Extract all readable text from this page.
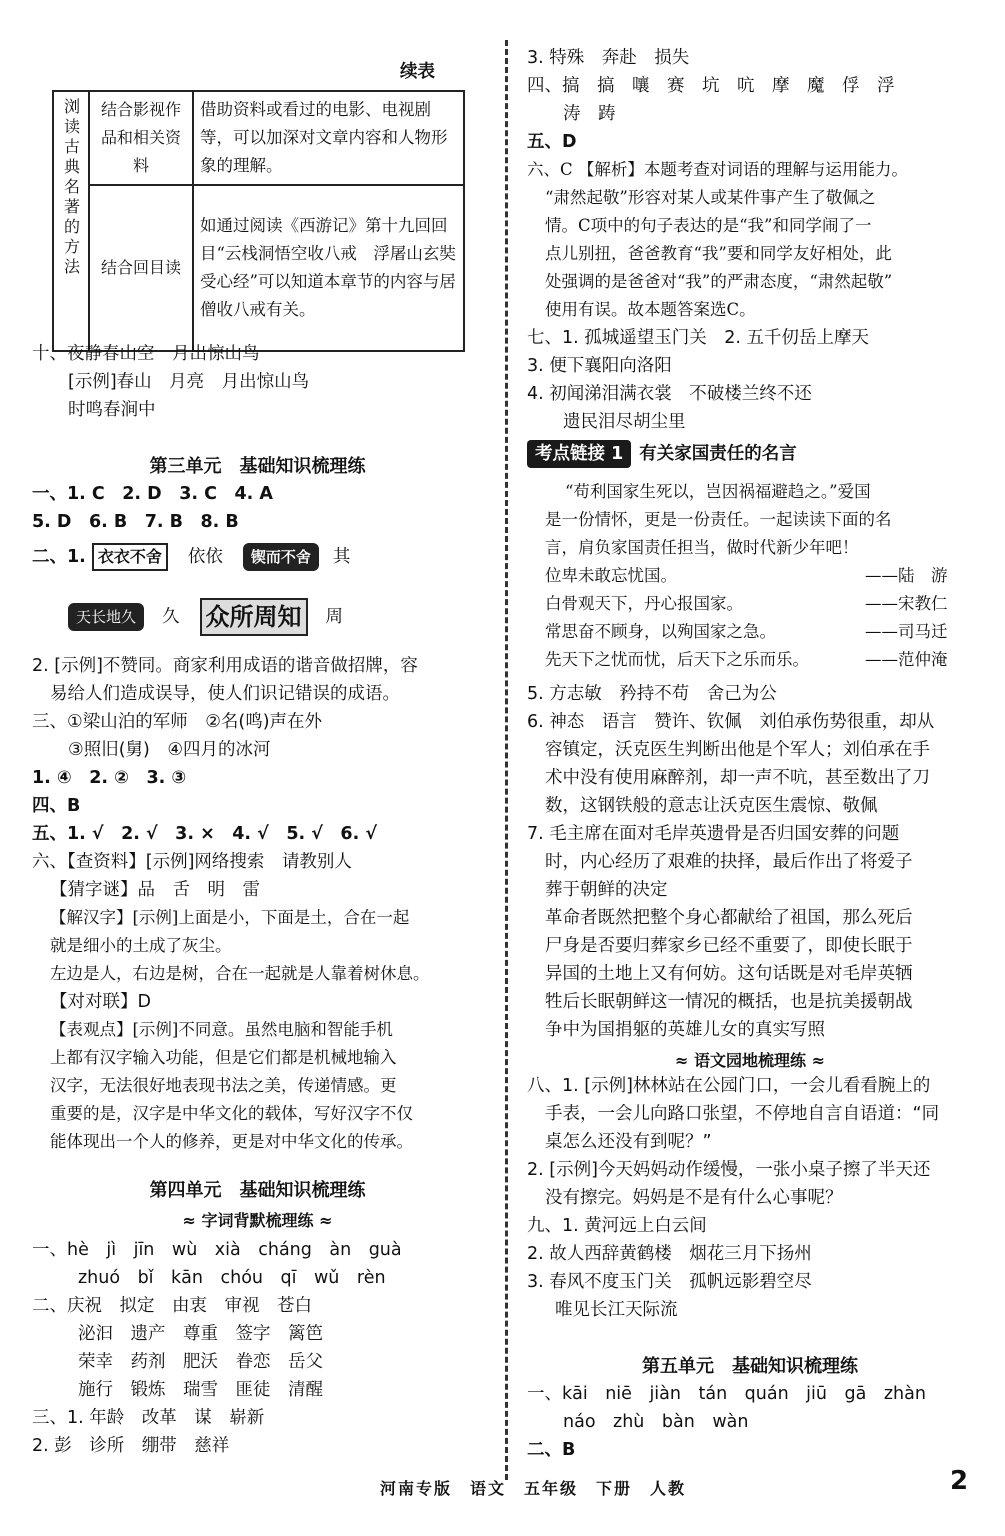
续表
浏读古典名著的方法	结合影视作品和相关资料	借助资料或看过的电影、电视剧等，可以加深对文章内容和人物形象的理解。
	结合回目读	如通过阅读《西游记》第十九回回目“云栈洞悟空收八戒　浮屠山玄奘受心经”可以知道本章节的内容与居僧收八戒有关。
十、夜静春山空　月出惊山鸟
[示例]春山　月亮　月出惊山鸟
时鸣春涧中
第三单元　基础知识梳理练
一、1. C　2. D　3. C　4. A
5. D　6. B　7. B　8. B
二、1. 衣衣不舍 依依 锲而不舍 其
天长地久 久 众所周知 周
2. [示例]不赞同。商家利用成语的谐音做招牌，容
易给人们造成误导，使人们识记错误的成语。
三、①梁山泊的军师　②名(鸣)声在外
③照旧(舅)　④四月的冰河
1. ④　2. ②　3. ③
四、B
五、1. √　2. √　3. ×　4. √　5. √　6. √
六、【查资料】[示例]网络搜索　请教别人
【猜字谜】品　舌　明　雷
【解汉字】[示例]上面是小，下面是土，合在一起
就是细小的土成了灰尘。
左边是人，右边是树，合在一起就是人靠着树休息。
【对对联】D
【表观点】[示例]不同意。虽然电脑和智能手机
上都有汉字输入功能，但是它们都是机械地输入
汉字，无法很好地表现书法之美，传递情感。更
重要的是，汉字是中华文化的载体，写好汉字不仅
能体现出一个人的修养，更是对中华文化的传承。
第四单元　基础知识梳理练
≈ 字词背默梳理练 ≈
一、hè　jì　jīn　wù　xià　cháng　àn　guà
zhuó　bǐ　kān　chóu　qī　wǔ　rèn
二、庆祝　拟定　由衷　审视　苍白
泌汩　遗产　尊重　签字　篱笆
荣幸　药剂　肥沃　眷恋　岳父
施行　锻炼　瑞雪　匪徒　清醒
三、1. 年龄　改革　谋　崭新
2. 彭　诊所　绷带　慈祥
3. 特殊　奔赴　损失
四、搞　搞　嚷　赛　坑　吭　摩　魔　俘　浮
涛　踌
五、D
六、C 【解析】本题考查对词语的理解与运用能力。
“肃然起敬”形容对某人或某件事产生了敬佩之
情。C项中的句子表达的是“我”和同学闹了一
点儿别扭，爸爸教育“我”要和同学友好相处，此
处强调的是爸爸对“我”的严肃态度，“肃然起敬”
使用有误。故本题答案选C。
七、1. 孤城遥望玉门关　2. 五千仞岳上摩天
3. 便下襄阳向洛阳
4. 初闻涕泪满衣裳　不破楼兰终不还
遗民泪尽胡尘里
考点链接 1 有关家国责任的名言
“苟利国家生死以，岂因祸福避趋之。”爱国
是一份情怀，更是一份责任。一起读读下面的名
言，肩负家国责任担当，做时代新少年吧！
位卑未敢忘忧国。	——陆　游
白骨观天下，丹心报国家。	——宋教仁
常思奋不顾身，以殉国家之急。	——司马迁
先天下之忧而忧，后天下之乐而乐。	——范仲淹
5. 方志敏　矜持不苟　舍己为公
6. 神态　语言　赞许、钦佩　刘伯承伤势很重，却从
容镇定，沃克医生判断出他是个军人；刘伯承在手
术中没有使用麻醉剂，却一声不吭，甚至数出了刀
数，这钢铁般的意志让沃克医生震惊、敬佩
7. 毛主席在面对毛岸英遗骨是否归国安葬的问题
时，内心经历了艰难的抉择，最后作出了将爱子
葬于朝鲜的决定
革命者既然把整个身心都献给了祖国，那么死后
尸身是否要归葬家乡已经不重要了，即使长眠于
异国的土地上又有何妨。这句话既是对毛岸英牺
牲后长眠朝鲜这一情况的概括，也是抗美援朝战
争中为国捐躯的英雄儿女的真实写照
≈ 语文园地梳理练 ≈
八、1. [示例]林林站在公园门口，一会儿看看腕上的
手表，一会儿向路口张望，不停地自言自语道：“同
桌怎么还没有到呢？”
2. [示例]今天妈妈动作缓慢，一张小桌子擦了半天还
没有擦完。妈妈是不是有什么心事呢？
九、1. 黄河远上白云间
2. 故人西辞黄鹤楼　烟花三月下扬州
3. 春风不度玉门关　孤帆远影碧空尽
唯见长江天际流
第五单元　基础知识梳理练
一、kāi　niē　jiàn　tán　quán　jiū　gā　zhàn
náo　zhù　bàn　wàn
二、B
河南专版　语文　五年级　下册　人教	2
